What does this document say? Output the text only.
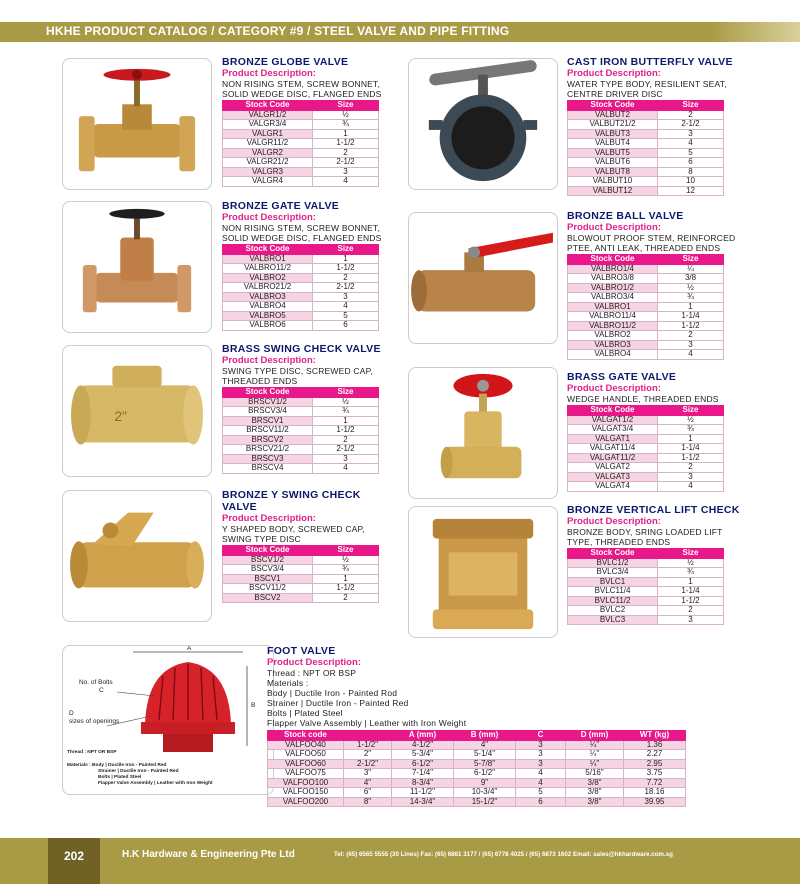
HKHE PRODUCT CATALOG / CATEGORY #9 / STEEL VALVE AND PIPE FITTING
2"
BRONZE GLOBE VALVE
Product Description:
NON RISING STEM, SCREW BONNET, SOLID WEDGE DISC, FLANGED ENDS
Stock Code	Size
VALGR1/2	½
VALGR3/4	¾
VALGR1	1
VALGR11/2	1-1/2
VALGR2	2
VALGR21/2	2-1/2
VALGR3	3
VALGR4	4
BRONZE GATE VALVE
Product Description:
NON RISING STEM, SCREW BONNET, SOLID WEDGE DISC, FLANGED ENDS
Stock Code	Size
VALBRO1	1
VALBRO11/2	1-1/2
VALBRO2	2
VALBRO21/2	2-1/2
VALBRO3	3
VALBRO4	4
VALBRO5	5
VALBRO6	6
BRASS SWING CHECK VALVE
Product Description:
SWING TYPE DISC, SCREWED CAP, THREADED ENDS
Stock Code	Size
BRSCV1/2	½
BRSCV3/4	¾
BRSCV1	1
BRSCV11/2	1-1/2
BRSCV2	2
BRSCV21/2	2-1/2
BRSCV3	3
BRSCV4	4
BRONZE Y SWING CHECK VALVE
Product Description:
Y SHAPED BODY, SCREWED CAP, SWING TYPE DISC
Stock Code	Size
BSCV1/2	½
BSCV3/4	¾
BSCV1	1
BSCV11/2	1-1/2
BSCV2	2
CAST IRON BUTTERFLY VALVE
Product Description:
WATER TYPE BODY, RESILIENT SEAT, CENTRE DRIVER DISC
Stock Code	Size
VALBUT2	2
VALBUT21/2	2-1/2
VALBUT3	3
VALBUT4	4
VALBUT5	5
VALBUT6	6
VALBUT8	8
VALBUT10	10
VALBUT12	12
BRONZE BALL VALVE
Product Description:
BLOWOUT PROOF STEM, REINFORCED PTEE, ANTI LEAK, THREADED ENDS
Stock Code	Size
VALBRO1/4	¼
VALBRO3/8	3/8
VALBRO1/2	½
VALBRO3/4	¾
VALBRO1	1
VALBRO11/4	1-1/4
VALBRO11/2	1-1/2
VALBRO2	2
VALBRO3	3
VALBRO4	4
BRASS GATE VALVE
Product Description:
WEDGE HANDLE, THREADED ENDS
Stock Code	Size
VALGAT1/2	½
VALGAT3/4	¾
VALGAT1	1
VALGAT11/4	1-1/4
VALGAT11/2	1-1/2
VALGAT2	2
VALGAT3	3
VALGAT4	4
BRONZE VERTICAL LIFT CHECK
Product Description:
BRONZE BODY, SRING LOADED LIFT TYPE, THREADED ENDS
Stock Code	Size
BVLC1/2	½
BVLC3/4	¾
BVLC1	1
BVLC11/4	1-1/4
BVLC11/2	1-1/2
BVLC2	2
BVLC3	3
A
B
No. of Bolts
C
D
sizes of openings
Thread : NPT OR BSP
Materials : Body | Ductile Iron - Painted Red
Strainer | Ductile Iron - Painted Red
Bolts | Plated Steel
Flapper Valve Assembly | Leather with Iron Weight
FOOT VALVE
Product Description:
Thread : NPT OR BSP
Materials :
Body | Ductile Iron - Painted Rod
Strainer | Ductile Iron - Painted Red
Bolts | Plated Steel
Flapper Valve Assembly | Leather with Iron Weight
Stock code		A (mm)	B (mm)	C	D (mm)	WT (kg)
VALFOO40	1-1/2"	4-1/2"	4"	3	¼"	1.36
VALFOO50	2"	5-3/4"	5-1/4"	3	¼"	2.27
VALFOO60	2-1/2"	6-1/2"	5-7/8"	3	¼"	2.95
VALFOO75	3"	7-1/4"	6-1/2"	4	5/16"	3.75
VALFOO100	4"	8-3/4"	9"	4	3/8"	7.72
VALFOO150	6"	11-1/2"	10-3/4"	5	3/8"	18.16
VALFOO200	8"	14-3/4"	15-1/2"	6	3/8"	39.95
202	H.K Hardware & Engineering Pte Ltd	Tel: (65) 6565 5555 (30 Lines) Fax: (65) 6861 3177 / (65) 6778 4025 / (65) 6873 1602 Email: sales@hkhardware.com.sg
